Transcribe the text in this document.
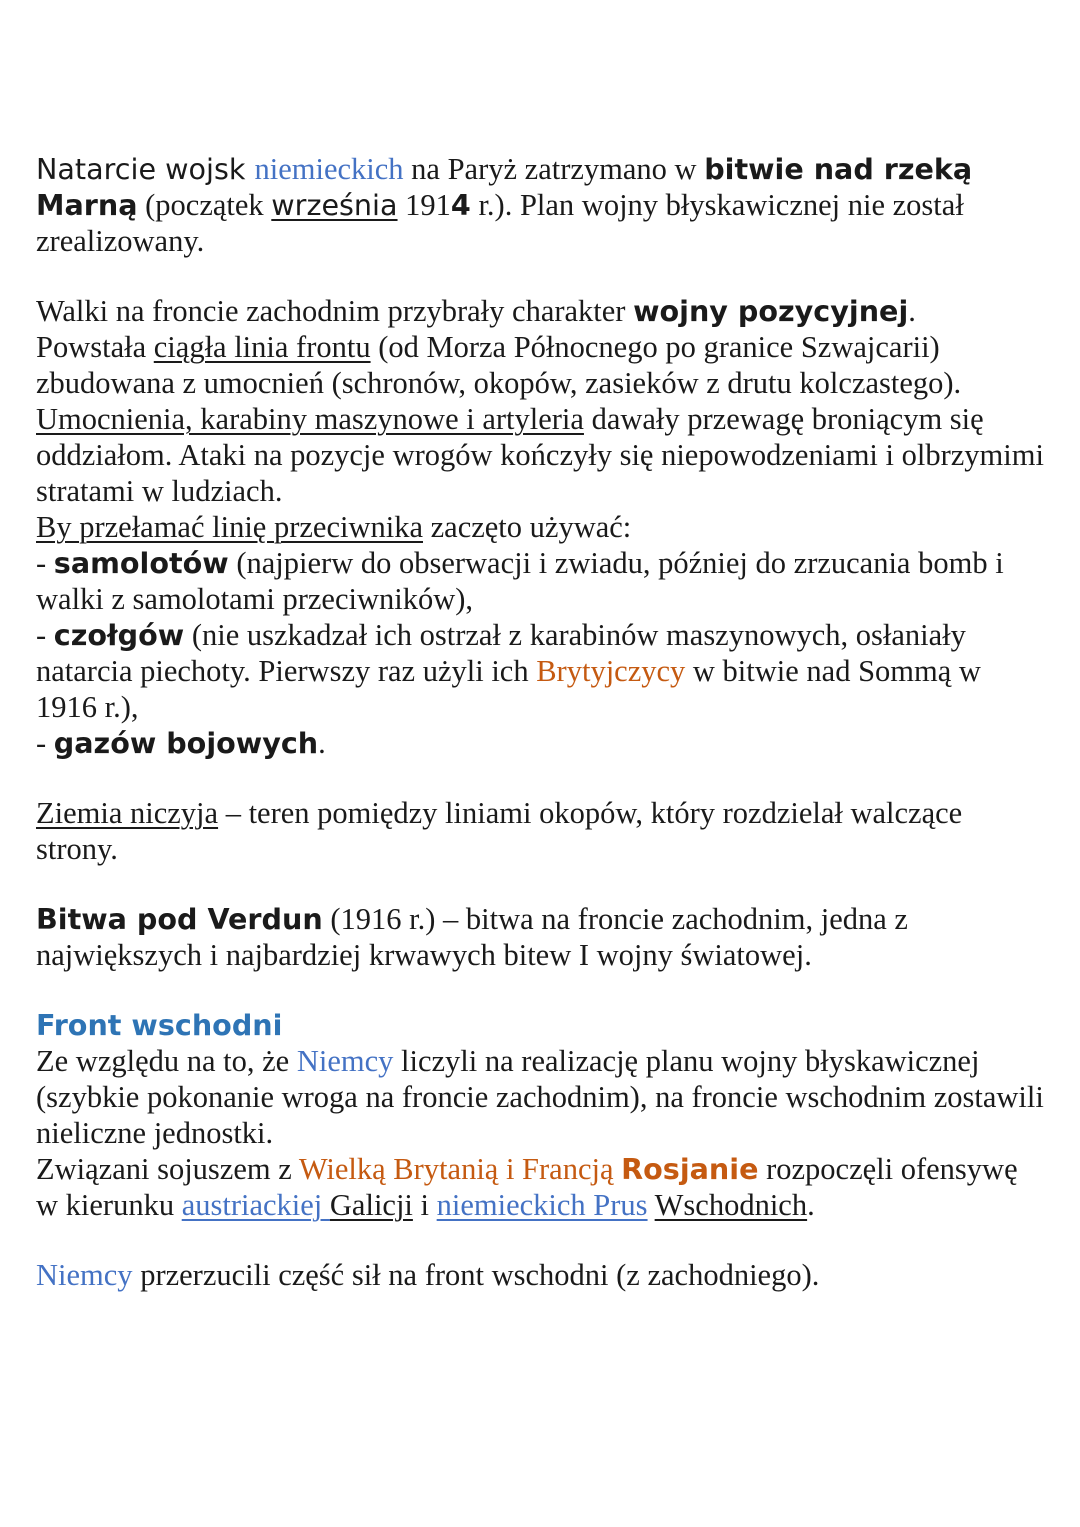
Natarcie wojsk niemieckich na Paryż zatrzymano w bitwie nad rzeką Marną (początek września 1914 r.). Plan wojny błyskawicznej nie został zrealizowany.

Walki na froncie zachodnim przybrały charakter wojny pozycyjnej.
Powstała ciągła linia frontu (od Morza Północnego po granice Szwajcarii) zbudowana z umocnień (schronów, okopów, zasieków z drutu kolczastego). Umocnienia, karabiny maszynowe i artyleria dawały przewagę broniącym się oddziałom. Ataki na pozycje wrogów kończyły się niepowodzeniami i olbrzymimi stratami w ludziach.
By przełamać linię przeciwnika zaczęto używać:

- samolotów (najpierw do obserwacji i zwiadu, później do zrzucania bomb i walki z samolotami przeciwników),

- czołgów (nie uszkadzał ich ostrzał z karabinów maszynowych, osłaniały natarcia piechoty. Pierwszy raz użyli ich Brytyjczycy w bitwie nad Sommą w 1916 r.),

- gazów bojowych.

Ziemia niczyja – teren pomiędzy liniami okopów, który rozdzielał walczące strony.

Bitwa pod Verdun (1916 r.) – bitwa na froncie zachodnim, jedna z największych i najbardziej krwawych bitew I wojny światowej.

Front wschodni

Ze względu na to, że Niemcy liczyli na realizację planu wojny błyskawicznej (szybkie pokonanie wroga na froncie zachodnim), na froncie wschodnim zostawili nieliczne jednostki.
Związani sojuszem z Wielką Brytanią i Francją Rosjanie rozpoczęli ofensywę w kierunku austriackiej Galicji i niemieckich Prus Wschodnich.

Niemcy przerzucili część sił na front wschodni (z zachodniego).
